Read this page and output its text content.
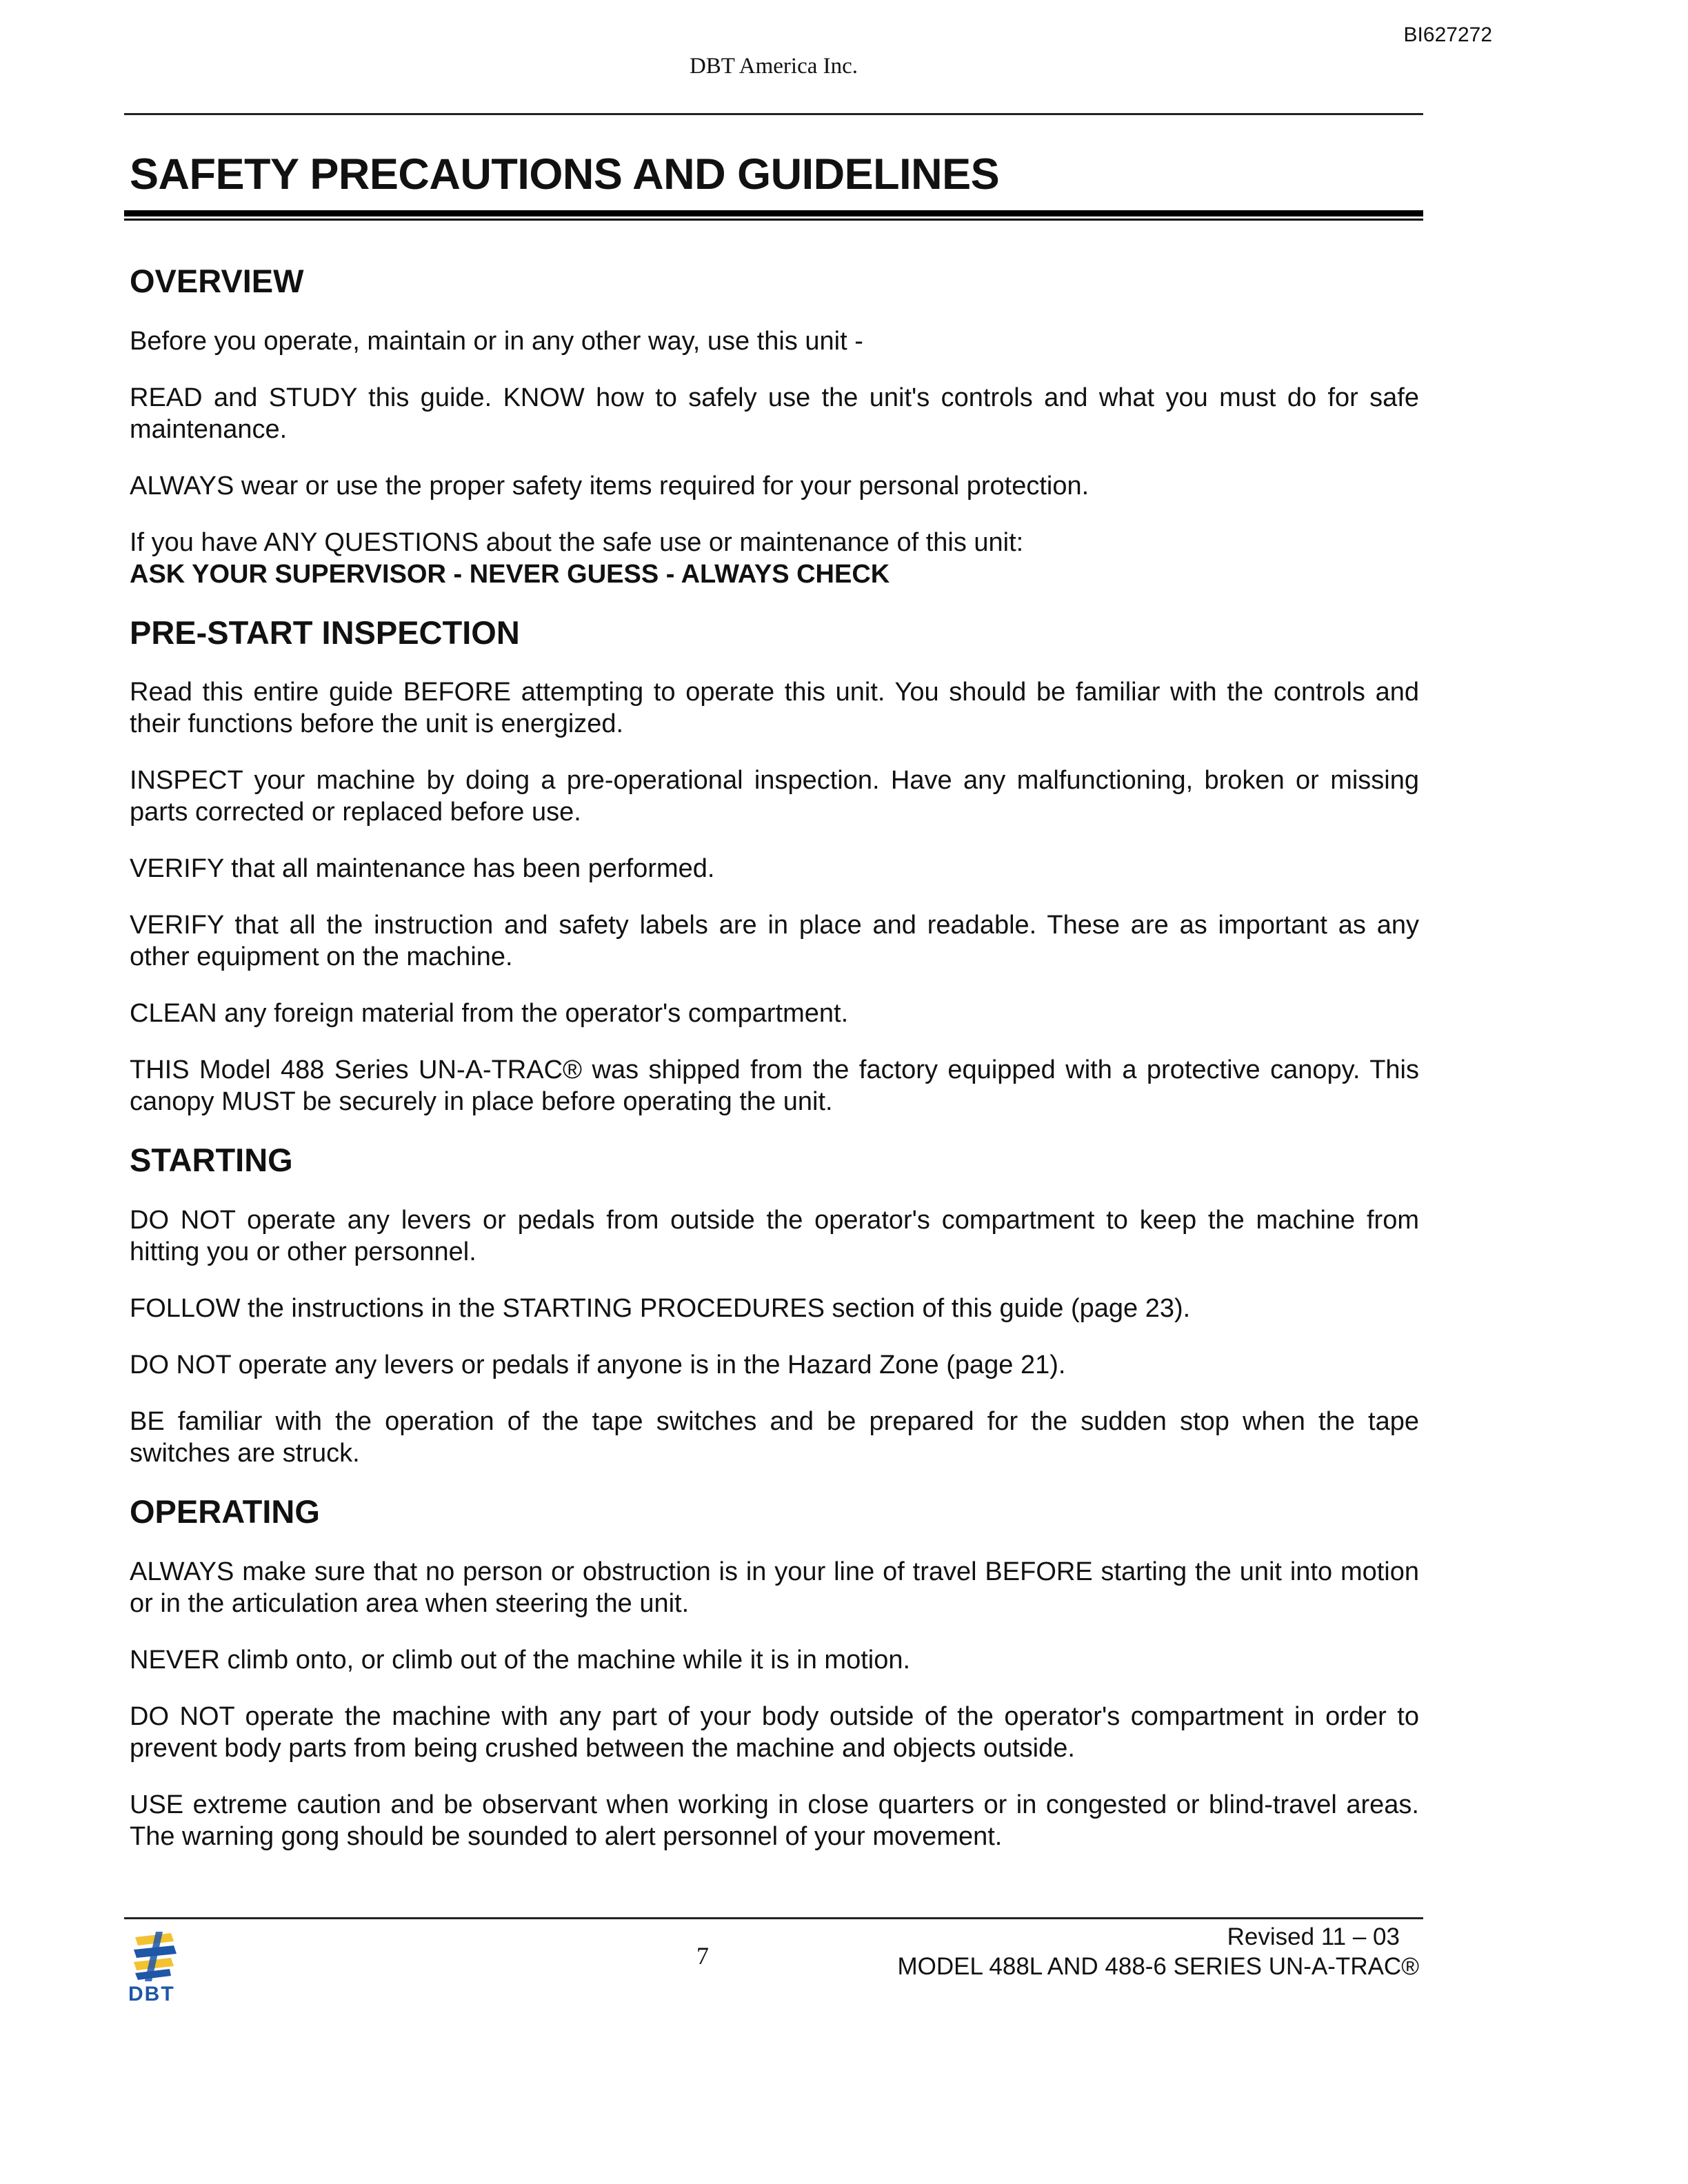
BI627272
DBT America Inc.
SAFETY PRECAUTIONS AND GUIDELINES
OVERVIEW

Before you operate, maintain or in any other way, use this unit -

READ and STUDY this guide. KNOW how to safely use the unit's controls and what you must do for safe maintenance.

ALWAYS wear or use the proper safety items required for your personal protection.

If you have ANY QUESTIONS about the safe use or maintenance of this unit:
ASK YOUR SUPERVISOR - NEVER GUESS - ALWAYS CHECK

PRE-START INSPECTION

Read this entire guide BEFORE attempting to operate this unit. You should be familiar with the controls and their functions before the unit is energized.

INSPECT your machine by doing a pre-operational inspection. Have any malfunctioning, broken or missing parts corrected or replaced before use.

VERIFY that all maintenance has been performed.

VERIFY that all the instruction and safety labels are in place and readable. These are as important as any other equipment on the machine.

CLEAN any foreign material from the operator's compartment.

THIS Model 488 Series UN-A-TRAC® was shipped from the factory equipped with a protective canopy. This canopy MUST be securely in place before operating the unit.

STARTING

DO NOT operate any levers or pedals from outside the operator's compartment to keep the machine from hitting you or other personnel.

FOLLOW the instructions in the STARTING PROCEDURES section of this guide (page 23).

DO NOT operate any levers or pedals if anyone is in the Hazard Zone (page 21).

BE familiar with the operation of the tape switches and be prepared for the sudden stop when the tape switches are struck.

OPERATING

ALWAYS make sure that no person or obstruction is in your line of travel BEFORE starting the unit into motion or in the articulation area when steering the unit.

NEVER climb onto, or climb out of the machine while it is in motion.

DO NOT operate the machine with any part of your body outside of the operator's compartment in order to prevent body parts from being crushed between the machine and objects outside.

USE extreme caution and be observant when working in close quarters or in congested or blind-travel areas. The warning gong should be sounded to alert personnel of your movement.

DBT
7
Revised 11 – 03
MODEL 488L AND 488-6 SERIES UN-A-TRAC®
